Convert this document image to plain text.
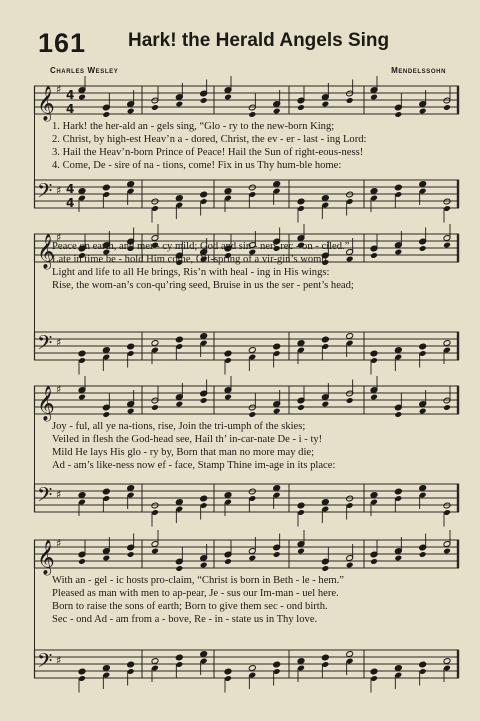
161 Hark! the Herald Angels Sing
Charles Wesley	Mendelssohn
𝄞 ♯ 4
4
1. Hark! the her-ald an - gels sing, “Glo - ry to the new-born King;
2. Christ, by high-est Heav’n a - dored, Christ, the ev - er - last - ing Lord:
3. Hail the Heav’n-born Prince of Peace! Hail the Sun of right-eous-ness!
4. Come, De - sire of na - tions, come! Fix in us Thy hum-ble home:
𝄢 ♯ 4
4
𝄞 ♯
Peace on earth, and mer - cy mild; God and sin - ners rec - on - ciled.”
Late in time be - hold Him come, Off-spring of a vir-gin’s womb.
Light and life to all He brings, Ris’n with heal - ing in His wings:
Rise, the wom-an’s con-qu’ring seed, Bruise in us the ser - pent’s head;
𝄢 ♯
𝄞 ♯
Joy - ful, all ye na-tions, rise, Join the tri-umph of the skies;
Veiled in flesh the God-head see, Hail th’ in-car-nate De - i - ty!
Mild He lays His glo - ry by, Born that man no more may die;
Ad - am’s like-ness now ef - face, Stamp Thine im-age in its place:
𝄢 ♯
𝄞 ♯
With an - gel - ic hosts pro-claim, “Christ is born in Beth - le - hem.”
Pleased as man with men to ap-pear, Je - sus our Im-man - uel here.
Born to raise the sons of earth; Born to give them sec - ond birth.
Sec - ond Ad - am from a - bove, Re - in - state us in Thy love.
𝄢 ♯
